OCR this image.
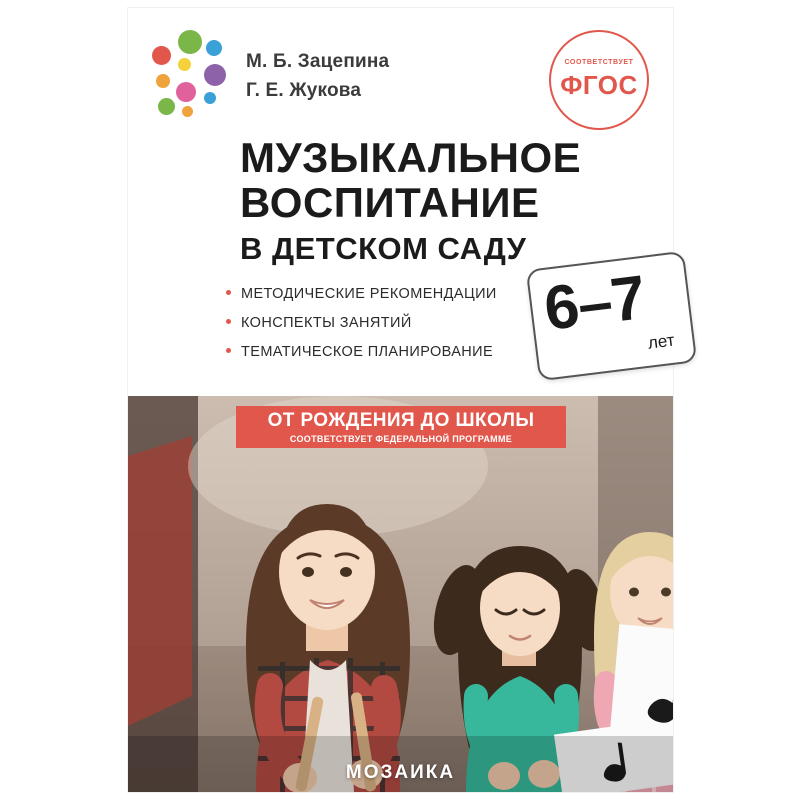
М. Б. Зацепина
Г. Е. Жукова
СООТВЕТСТВУЕТ
ФГОС
МУЗЫКАЛЬНОЕ
ВОСПИТАНИЕ
В ДЕТСКОМ САДУ
МЕТОДИЧЕСКИЕ РЕКОМЕНДАЦИИ
КОНСПЕКТЫ ЗАНЯТИЙ
ТЕМАТИЧЕСКОЕ ПЛАНИРОВАНИЕ
6–7
лет
МОЗАИКА
ОТ РОЖДЕНИЯ ДО ШКОЛЫ
СООТВЕТСТВУЕТ ФЕДЕРАЛЬНОЙ ПРОГРАММЕ
